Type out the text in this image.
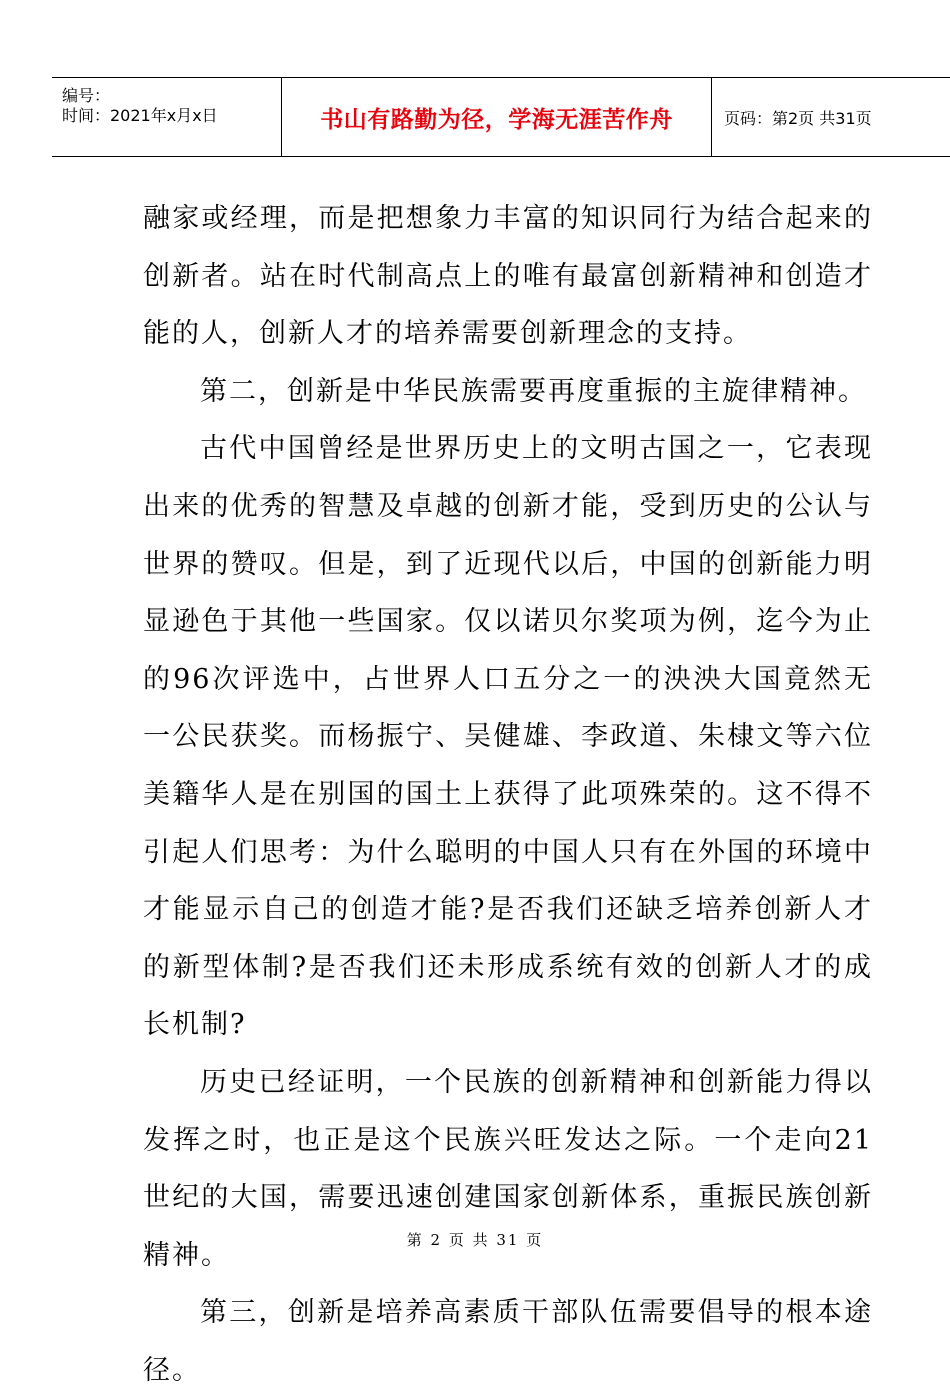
编号：
时间：2021年x月x日	书山有路勤为径，学海无涯苦作舟	页码：第2页 共31页

融家或经理，而是把想象力丰富的知识同行为结合起来的创新者。站在时代制高点上的唯有最富创新精神和创造才能的人，创新人才的培养需要创新理念的支持。

第二，创新是中华民族需要再度重振的主旋律精神。

古代中国曾经是世界历史上的文明古国之一，它表现出来的优秀的智慧及卓越的创新才能，受到历史的公认与世界的赞叹。但是，到了近现代以后，中国的创新能力明显逊色于其他一些国家。仅以诺贝尔奖项为例，迄今为止的96次评选中，占世界人口五分之一的泱泱大国竟然无一公民获奖。而杨振宁、吴健雄、李政道、朱棣文等六位美籍华人是在别国的国土上获得了此项殊荣的。这不得不引起人们思考：为什么聪明的中国人只有在外国的环境中才能显示自己的创造才能?是否我们还缺乏培养创新人才的新型体制?是否我们还未形成系统有效的创新人才的成长机制?

历史已经证明，一个民族的创新精神和创新能力得以发挥之时，也正是这个民族兴旺发达之际。一个走向21世纪的大国，需要迅速创建国家创新体系，重振民族创新精神。

第三，创新是培养高素质干部队伍需要倡导的根本途径。

第 2 页 共 31 页
